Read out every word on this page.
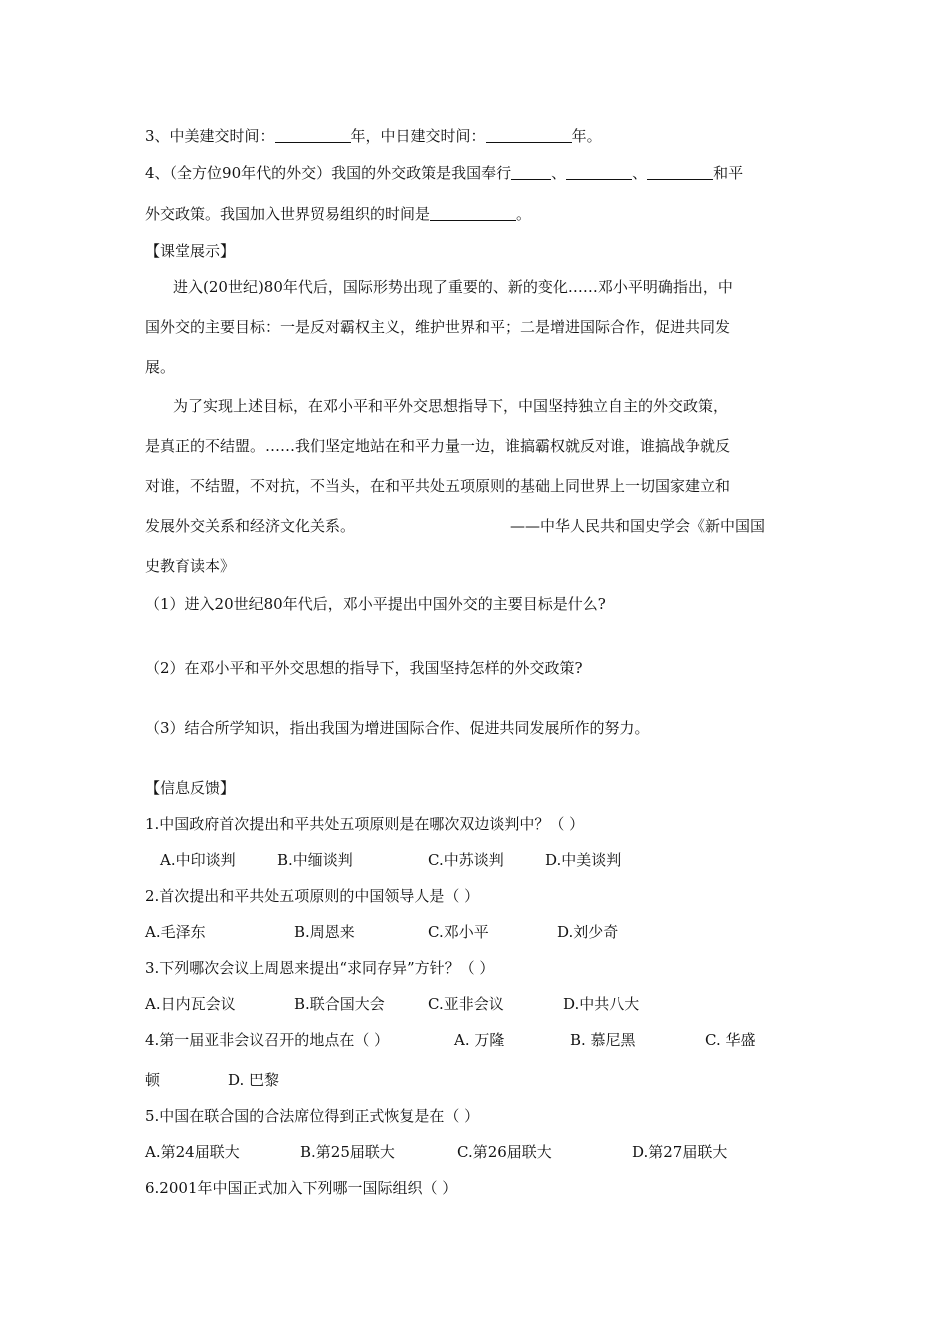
3、中美建交时间：	年，中日建交时间：	年。
4、（全方位90年代的外交）我国的外交政策是我国奉行	、	、	和平
外交政策。我国加入世界贸易组织的时间是	。
【课堂展示】
进入(20世纪)80年代后，国际形势出现了重要的、新的变化……邓小平明确指出，中
国外交的主要目标：一是反对霸权主义，维护世界和平；二是增进国际合作，促进共同发
展。
为了实现上述目标，在邓小平和平外交思想指导下，中国坚持独立自主的外交政策，
是真正的不结盟。……我们坚定地站在和平力量一边，谁搞霸权就反对谁，谁搞战争就反
对谁，不结盟，不对抗，不当头，在和平共处五项原则的基础上同世界上一切国家建立和
发展外交关系和经济文化关系。	——中华人民共和国史学会《新中国国
史教育读本》
（1）进入20世纪80年代后，邓小平提出中国外交的主要目标是什么?
（2）在邓小平和平外交思想的指导下，我国坚持怎样的外交政策?
（3）结合所学知识，指出我国为增进国际合作、促进共同发展所作的努力。
【信息反馈】
1.中国政府首次提出和平共处五项原则是在哪次双边谈判中？（ ）
A.中印谈判	B.中缅谈判	C.中苏谈判	D.中美谈判
2.首次提出和平共处五项原则的中国领导人是（ ）
A.毛泽东	B.周恩来	C.邓小平	D.刘少奇
3.下列哪次会议上周恩来提出“求同存异”方针？（ ）
A.日内瓦会议	B.联合国大会	C.亚非会议	D.中共八大
4.第一届亚非会议召开的地点在（ ）	A. 万隆	B. 慕尼黑	C. 华盛
顿	D. 巴黎
5.中国在联合国的合法席位得到正式恢复是在（ ）
A.第24届联大	B.第25届联大	C.第26届联大	D.第27届联大
6.2001年中国正式加入下列哪一国际组织（ ）
